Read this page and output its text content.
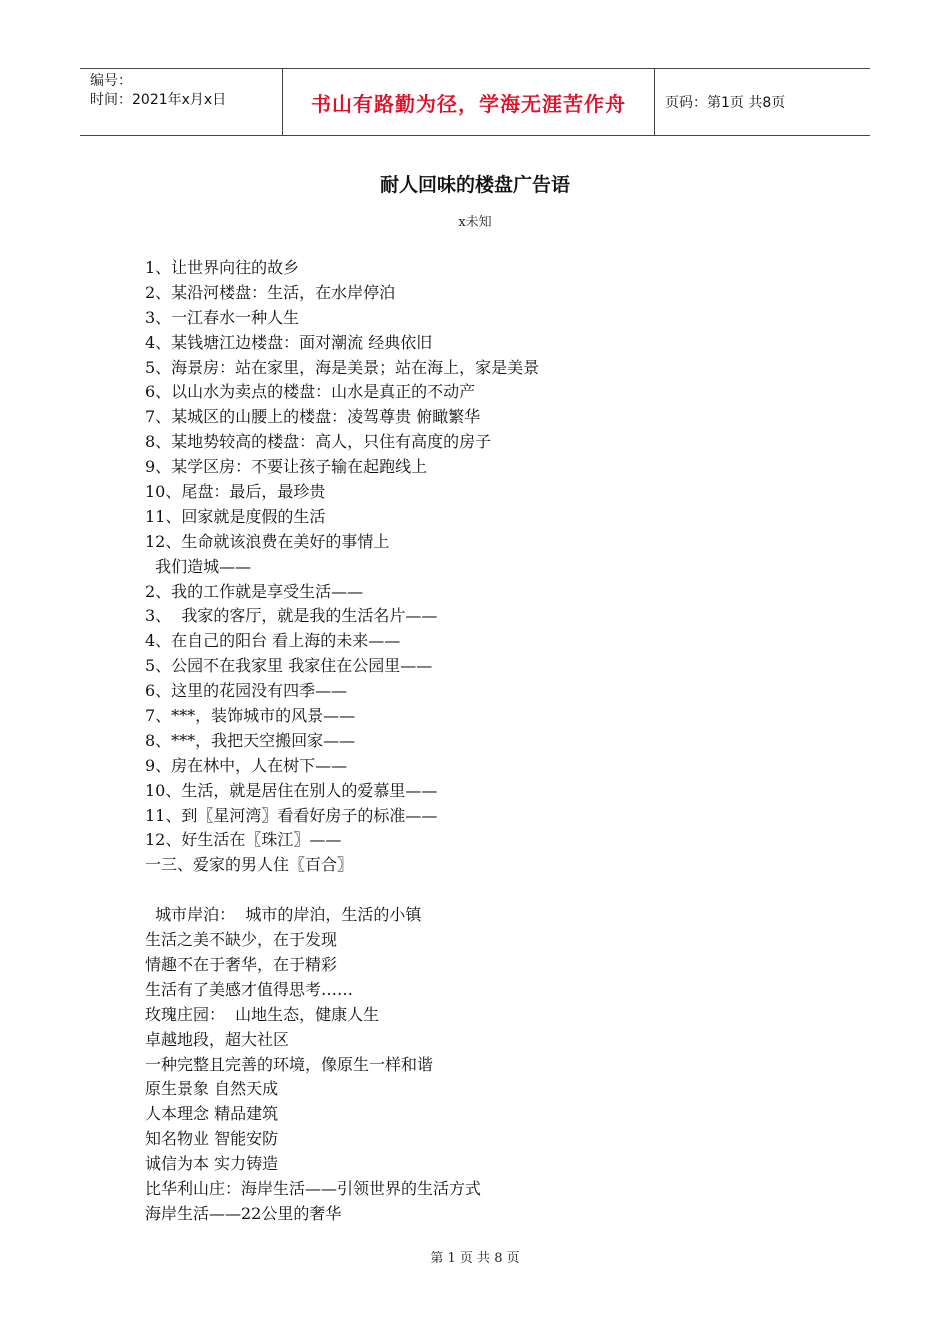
编号：
时间：2021年x月x日	书山有路勤为径，学海无涯苦作舟	页码：第1页 共8页
耐人回味的楼盘广告语
x未知
1、让世界向往的故乡
2、某沿河楼盘：生活，在水岸停泊
3、一江春水一种人生
4、某钱塘江边楼盘：面对潮流 经典依旧
5、海景房：站在家里，海是美景；站在海上，家是美景
6、以山水为卖点的楼盘：山水是真正的不动产
7、某城区的山腰上的楼盘：凌驾尊贵 俯瞰繁华
8、某地势较高的楼盘：高人，只住有高度的房子
9、某学区房：不要让孩子输在起跑线上
10、尾盘：最后，最珍贵
11、回家就是度假的生活
12、生命就该浪费在美好的事情上
我们造城——
2、我的工作就是享受生活——
3、  我家的客厅，就是我的生活名片——
4、在自己的阳台 看上海的未来——
5、公园不在我家里 我家住在公园里——
6、这里的花园没有四季——
7、***，装饰城市的风景——
8、***，我把天空搬回家——
9、房在林中，人在树下——
10、生活，就是居住在别人的爱慕里——
11、到〖星河湾〗看看好房子的标准——
12、好生活在〖珠江〗——
一三、爱家的男人住〖百合〗
城市岸泊：  城市的岸泊，生活的小镇
生活之美不缺少，在于发现
情趣不在于奢华，在于精彩
生活有了美感才值得思考……
玫瑰庄园：  山地生态，健康人生
卓越地段，超大社区
一种完整且完善的环境，像原生一样和谐
原生景象 自然天成
人本理念 精品建筑
知名物业 智能安防
诚信为本 实力铸造
比华利山庄：海岸生活——引领世界的生活方式
海岸生活——22公里的奢华
第 1 页 共 8 页
